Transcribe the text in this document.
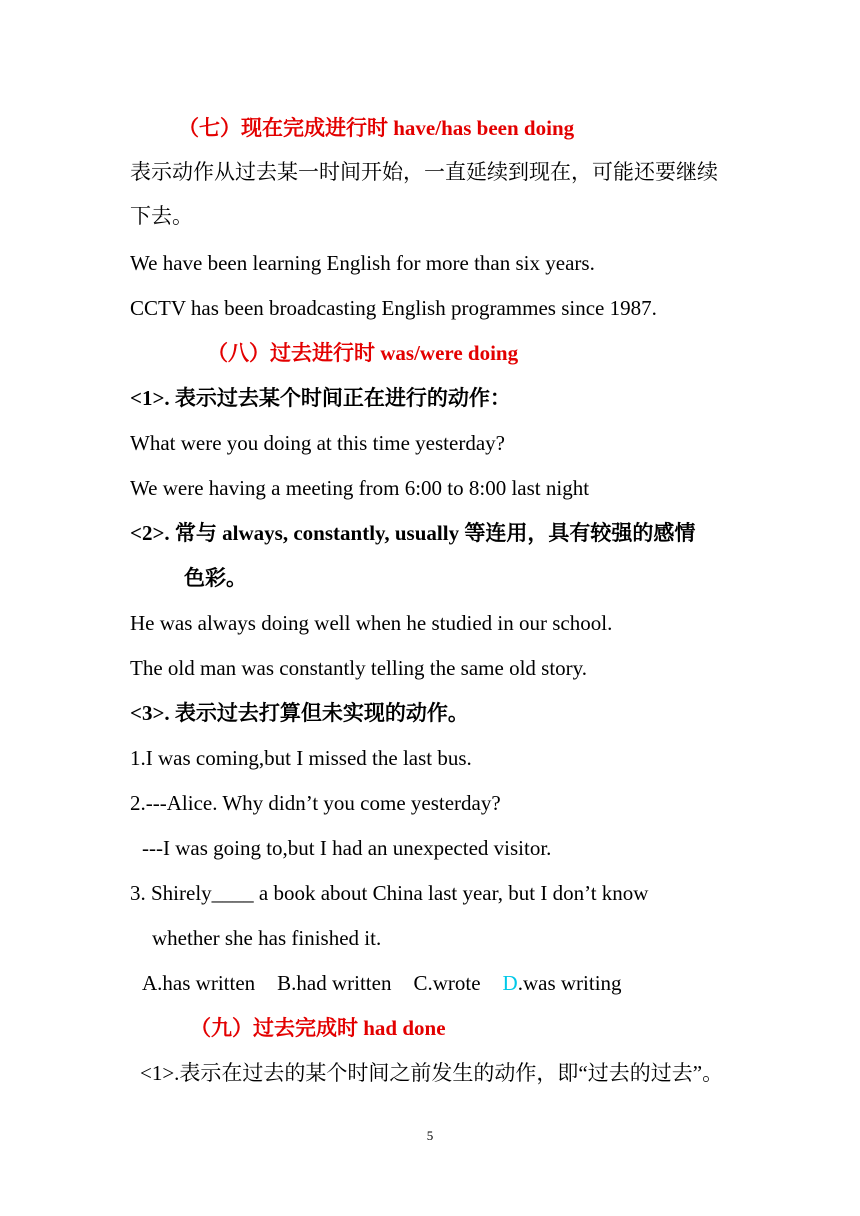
（七）现在完成进行时 have/has been doing
表示动作从过去某一时间开始，一直延续到现在，可能还要继续
下去。
We have been learning English for more than six years.
CCTV has been broadcasting English programmes since 1987.
（八）过去进行时 was/were doing
<1>. 表示过去某个时间正在进行的动作：
What were you doing at this time yesterday?
We were having a meeting from 6:00 to 8:00 last night
<2>. 常与 always, constantly, usually 等连用，具有较强的感情
色彩。
He was always doing well when he studied in our school.
The old man was constantly telling the same old story.
<3>. 表示过去打算但未实现的动作。
1.I was coming,but I missed the last bus.
2.---Alice. Why didn’t you come yesterday?
---I was going to,but I had an unexpected visitor.
3. Shirely____ a book about China last year, but I don’t know
whether she has finished it.
A.has written B.had written C.wrote D.was writing
（九）过去完成时 had done
<1>.表示在过去的某个时间之前发生的动作，即“过去的过去”。
5
